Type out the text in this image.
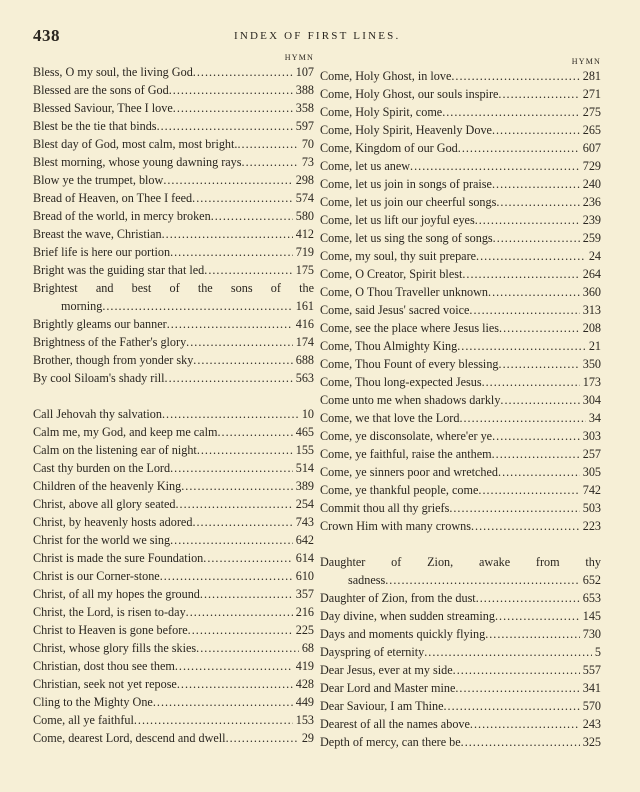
438	INDEX OF FIRST LINES.
HYMN
Bless, O my soul, the living God .....	107
Blessed are the sons of God .....	388
Blessed Saviour, Thee I love .....	358
Blest be the tie that binds .....	597
Blest day of God, most calm, most bright. .....	70
Blest morning, whose young dawning rays .....	73
Blow ye the trumpet, blow .....	298
Bread of Heaven, on Thee I feed .....	574
Bread of the world, in mercy broken .....	580
Breast the wave, Christian .....	412
Brief life is here our portion .....	719
Bright was the guiding star that led .....	175
Brightest and best of the sons of the
morning .....	161
Brightly gleams our banner .....	416
Brightness of the Father's glory .....	174
Brother, though from yonder sky .....	688
By cool Siloam's shady rill .....	563
Call Jehovah thy salvation .....	10
Calm me, my God, and keep me calm .....	465
Calm on the listening ear of night .....	155
Cast thy burden on the Lord .....	514
Children of the heavenly King .....	389
Christ, above all glory seated .....	254
Christ, by heavenly hosts adored .....	743
Christ for the world we sing .....	642
Christ is made the sure Foundation .....	614
Christ is our Corner-stone .....	610
Christ, of all my hopes the ground .....	357
Christ, the Lord, is risen to-day .....	216
Christ to Heaven is gone before .....	225
Christ, whose glory fills the skies .....	68
Christian, dost thou see them .....	419
Christian, seek not yet repose .....	428
Cling to the Mighty One .....	449
Come, all ye faithful .....	153
Come, dearest Lord, descend and dwell .....	29
HYMN
Come, Holy Ghost, in love .....	281
Come, Holy Ghost, our souls inspire .....	271
Come, Holy Spirit, come .....	275
Come, Holy Spirit, Heavenly Dove .....	265
Come, Kingdom of our God .....	607
Come, let us anew .....	729
Come, let us join in songs of praise .....	240
Come, let us join our cheerful songs .....	236
Come, let us lift our joyful eyes .....	239
Come, let us sing the song of songs .....	259
Come, my soul, thy suit prepare .....	24
Come, O Creator, Spirit blest .....	264
Come, O Thou Traveller unknown .....	360
Come, said Jesus' sacred voice .....	313
Come, see the place where Jesus lies .....	208
Come, Thou Almighty King .....	21
Come, Thou Fount of every blessing .....	350
Come, Thou long-expected Jesus .....	173
Come unto me when shadows darkly .....	304
Come, we that love the Lord .....	34
Come, ye disconsolate, where'er ye .....	303
Come, ye faithful, raise the anthem .....	257
Come, ye sinners poor and wretched .....	305
Come, ye thankful people, come .....	742
Commit thou all thy griefs .....	503
Crown Him with many crowns .....	223
Daughter of Zion, awake from thy
sadness .....	652
Daughter of Zion, from the dust .....	653
Day divine, when sudden streaming .....	145
Days and moments quickly flying .....	730
Dayspring of eternity .....	5
Dear Jesus, ever at my side .....	557
Dear Lord and Master mine .....	341
Dear Saviour, I am Thine .....	570
Dearest of all the names above .....	243
Depth of mercy, can there be .....	325
